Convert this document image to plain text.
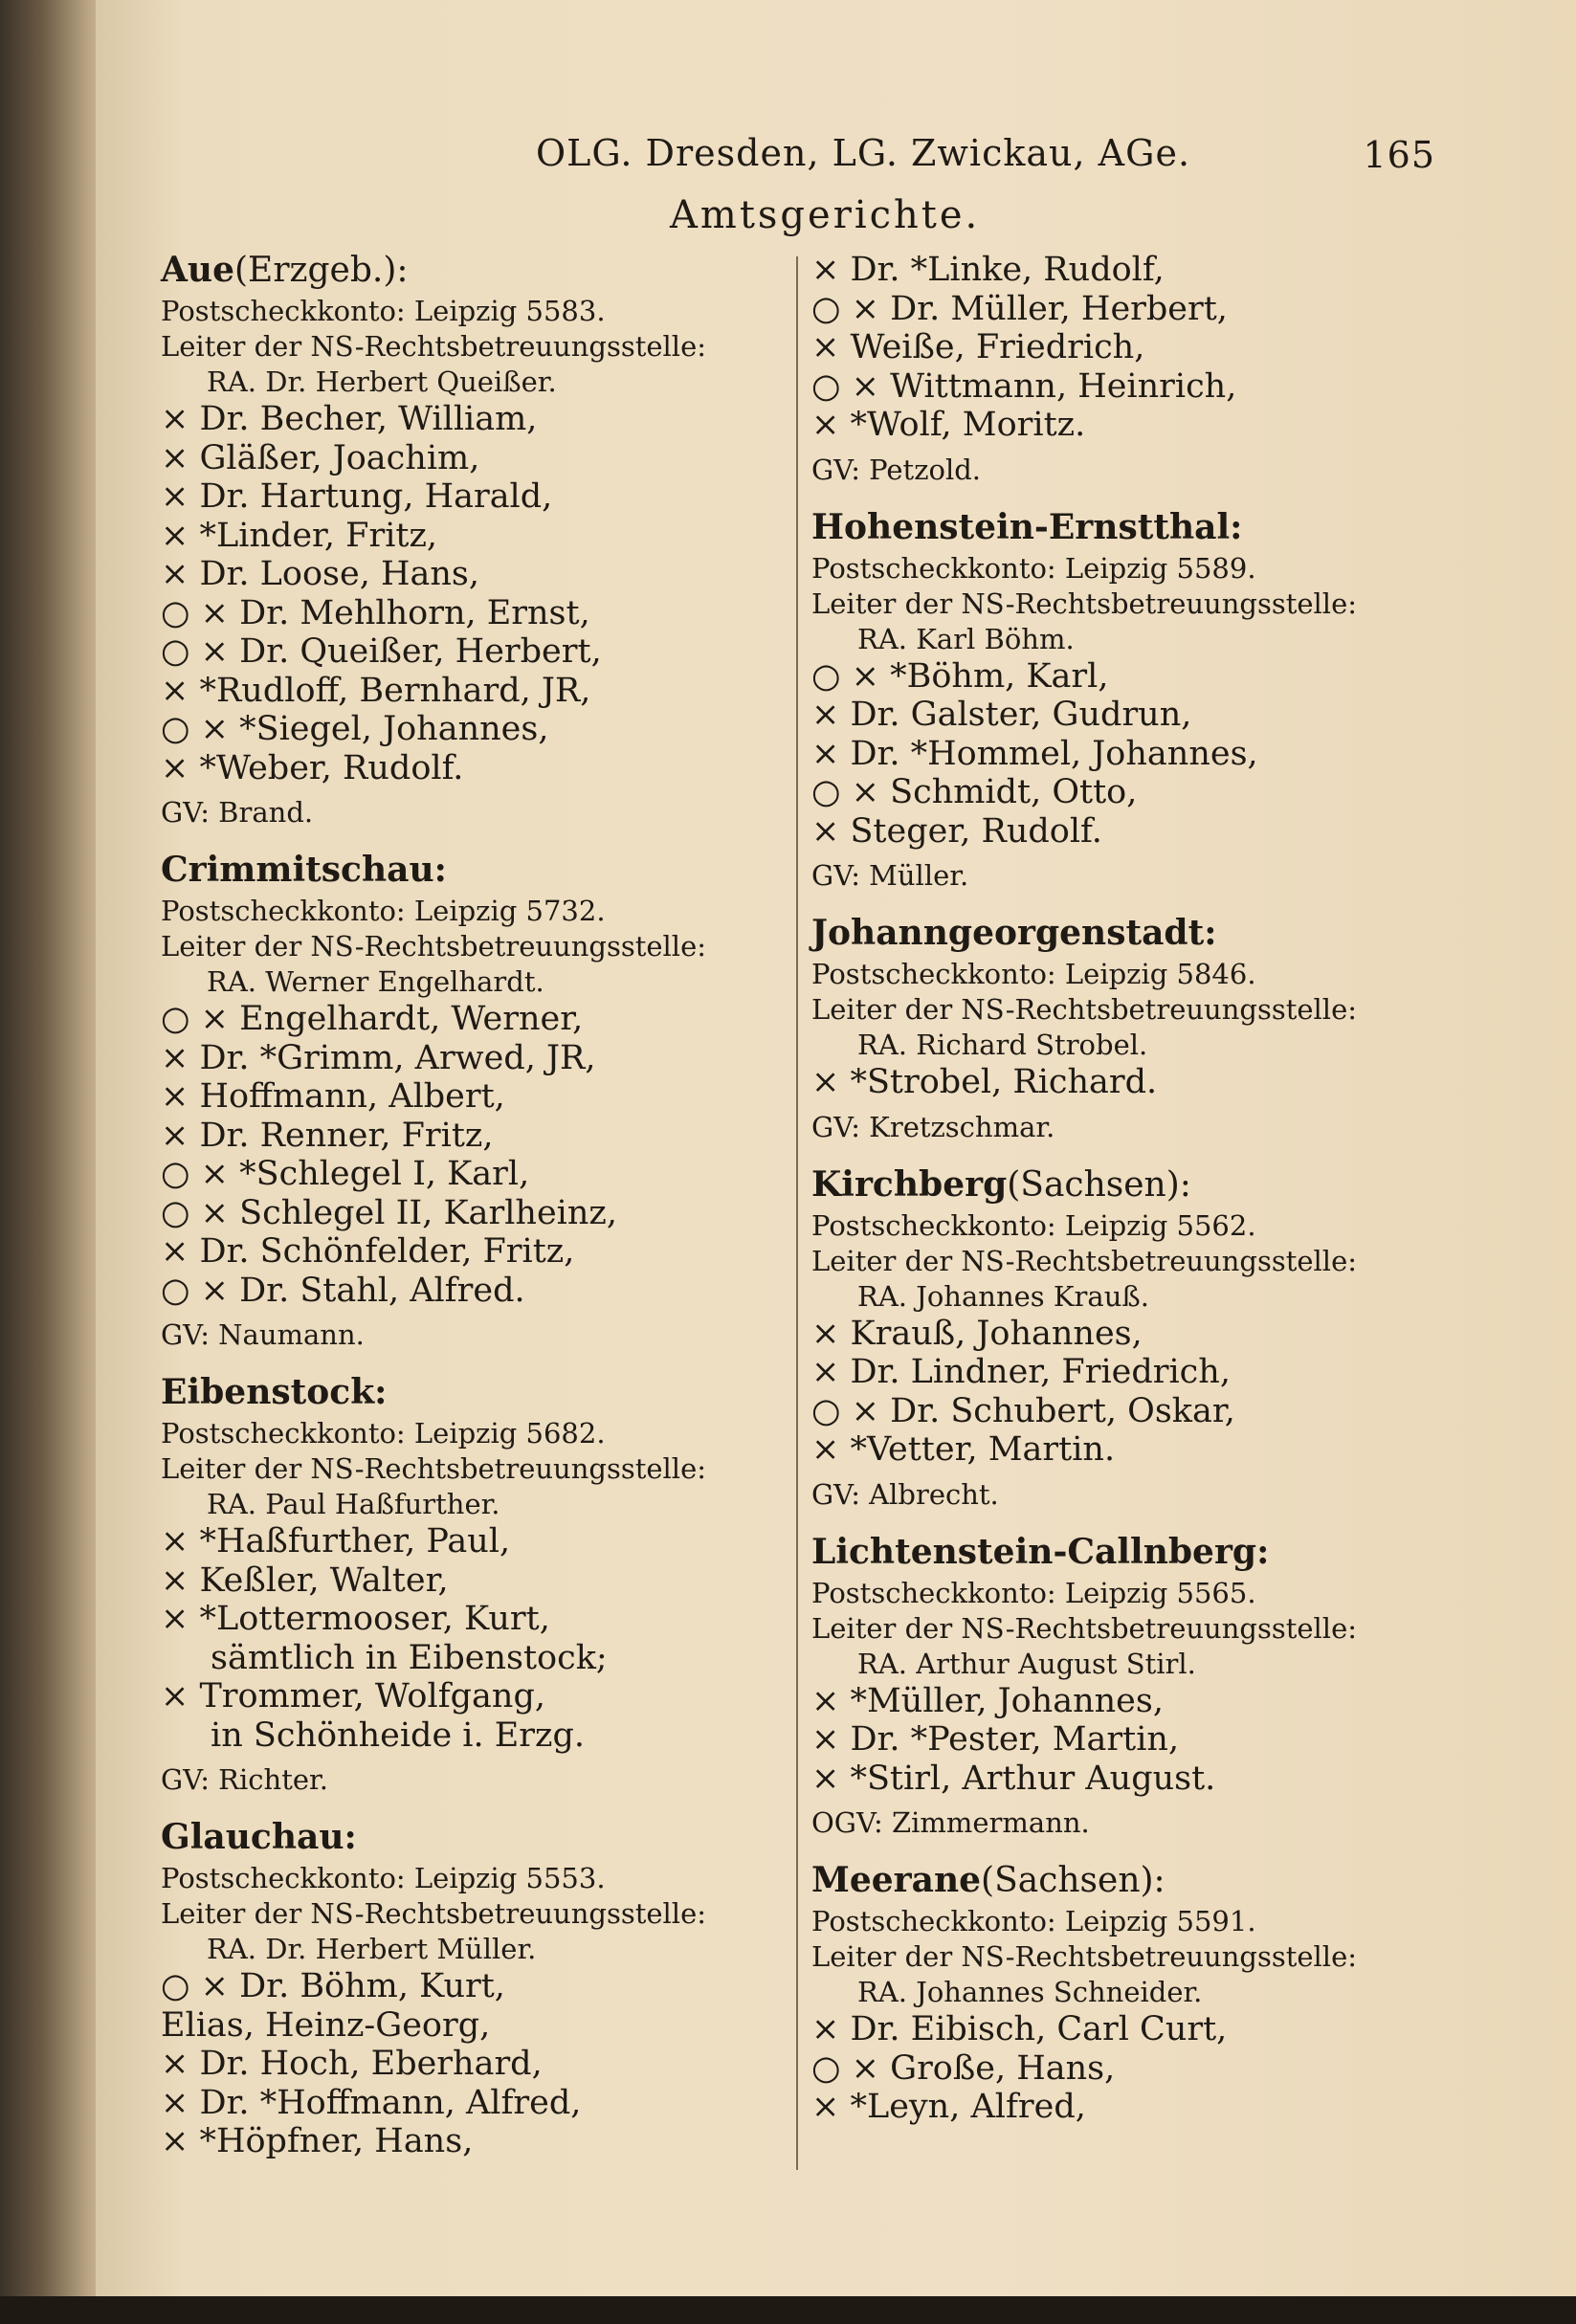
OLG. Dresden, LG. Zwickau, AGe.	165
Amtsgerichte.
Aue(Erzgeb.):
Postscheckkonto: Leipzig 5583.
Leiter der NS-Rechtsbetreuungsstelle:
RA. Dr. Herbert Queißer.
× Dr. Becher, William,
× Gläßer, Joachim,
× Dr. Hartung, Harald,
× *Linder, Fritz,
× Dr. Loose, Hans,
○ × Dr. Mehlhorn, Ernst,
○ × Dr. Queißer, Herbert,
× *Rudloff, Bernhard, JR,
○ × *Siegel, Johannes,
× *Weber, Rudolf.
GV: Brand.
Crimmitschau:
Postscheckkonto: Leipzig 5732.
Leiter der NS-Rechtsbetreuungsstelle:
RA. Werner Engelhardt.
○ × Engelhardt, Werner,
× Dr. *Grimm, Arwed, JR,
× Hoffmann, Albert,
× Dr. Renner, Fritz,
○ × *Schlegel I, Karl,
○ × Schlegel II, Karlheinz,
× Dr. Schönfelder, Fritz,
○ × Dr. Stahl, Alfred.
GV: Naumann.
Eibenstock:
Postscheckkonto: Leipzig 5682.
Leiter der NS-Rechtsbetreuungsstelle:
RA. Paul Haßfurther.
× *Haßfurther, Paul,
× Keßler, Walter,
× *Lottermooser, Kurt,
sämtlich in Eibenstock;
× Trommer, Wolfgang,
in Schönheide i. Erzg.
GV: Richter.
Glauchau:
Postscheckkonto: Leipzig 5553.
Leiter der NS-Rechtsbetreuungsstelle:
RA. Dr. Herbert Müller.
○ × Dr. Böhm, Kurt,
Elias, Heinz-Georg,
× Dr. Hoch, Eberhard,
× Dr. *Hoffmann, Alfred,
× *Höpfner, Hans,
× Dr. *Linke, Rudolf,
○ × Dr. Müller, Herbert,
× Weiße, Friedrich,
○ × Wittmann, Heinrich,
× *Wolf, Moritz.
GV: Petzold.
Hohenstein-Ernstthal:
Postscheckkonto: Leipzig 5589.
Leiter der NS-Rechtsbetreuungsstelle:
RA. Karl Böhm.
○ × *Böhm, Karl,
× Dr. Galster, Gudrun,
× Dr. *Hommel, Johannes,
○ × Schmidt, Otto,
× Steger, Rudolf.
GV: Müller.
Johanngeorgenstadt:
Postscheckkonto: Leipzig 5846.
Leiter der NS-Rechtsbetreuungsstelle:
RA. Richard Strobel.
× *Strobel, Richard.
GV: Kretzschmar.
Kirchberg(Sachsen):
Postscheckkonto: Leipzig 5562.
Leiter der NS-Rechtsbetreuungsstelle:
RA. Johannes Krauß.
× Krauß, Johannes,
× Dr. Lindner, Friedrich,
○ × Dr. Schubert, Oskar,
× *Vetter, Martin.
GV: Albrecht.
Lichtenstein-Callnberg:
Postscheckkonto: Leipzig 5565.
Leiter der NS-Rechtsbetreuungsstelle:
RA. Arthur August Stirl.
× *Müller, Johannes,
× Dr. *Pester, Martin,
× *Stirl, Arthur August.
OGV: Zimmermann.
Meerane(Sachsen):
Postscheckkonto: Leipzig 5591.
Leiter der NS-Rechtsbetreuungsstelle:
RA. Johannes Schneider.
× Dr. Eibisch, Carl Curt,
○ × Große, Hans,
× *Leyn, Alfred,
